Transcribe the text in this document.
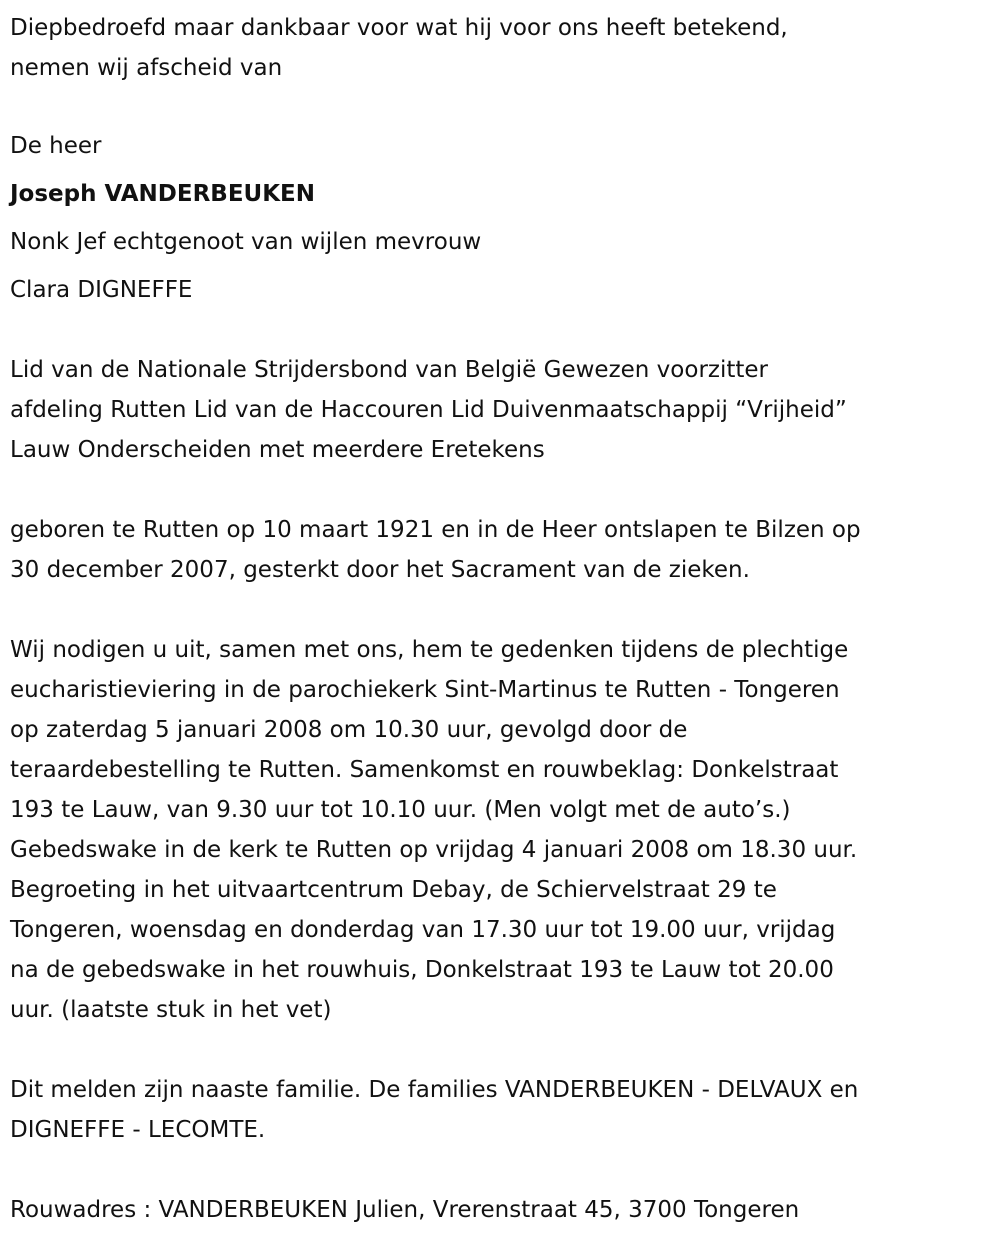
Diepbedroefd maar dankbaar voor wat hij voor ons heeft betekend,
nemen wij afscheid van
De heer
Joseph VANDERBEUKEN
Nonk Jef echtgenoot van wijlen mevrouw
Clara DIGNEFFE
Lid van de Nationale Strijdersbond van België Gewezen voorzitter
afdeling Rutten Lid van de Haccouren Lid Duivenmaatschappij “Vrijheid”
Lauw Onderscheiden met meerdere Eretekens
geboren te Rutten op 10 maart 1921 en in de Heer ontslapen te Bilzen op
30 december 2007, gesterkt door het Sacrament van de zieken.
Wij nodigen u uit, samen met ons, hem te gedenken tijdens de plechtige
eucharistieviering in de parochiekerk Sint-Martinus te Rutten - Tongeren
op zaterdag 5 januari 2008 om 10.30 uur, gevolgd door de
teraardebestelling te Rutten. Samenkomst en rouwbeklag: Donkelstraat
193 te Lauw, van 9.30 uur tot 10.10 uur. (Men volgt met de auto’s.)
Gebedswake in de kerk te Rutten op vrijdag 4 januari 2008 om 18.30 uur.
Begroeting in het uitvaartcentrum Debay, de Schiervelstraat 29 te
Tongeren, woensdag en donderdag van 17.30 uur tot 19.00 uur, vrijdag
na de gebedswake in het rouwhuis, Donkelstraat 193 te Lauw tot 20.00
uur. (laatste stuk in het vet)
Dit melden zijn naaste familie. De families VANDERBEUKEN - DELVAUX en
DIGNEFFE - LECOMTE.
Rouwadres : VANDERBEUKEN Julien, Vrerenstraat 45, 3700 Tongeren
